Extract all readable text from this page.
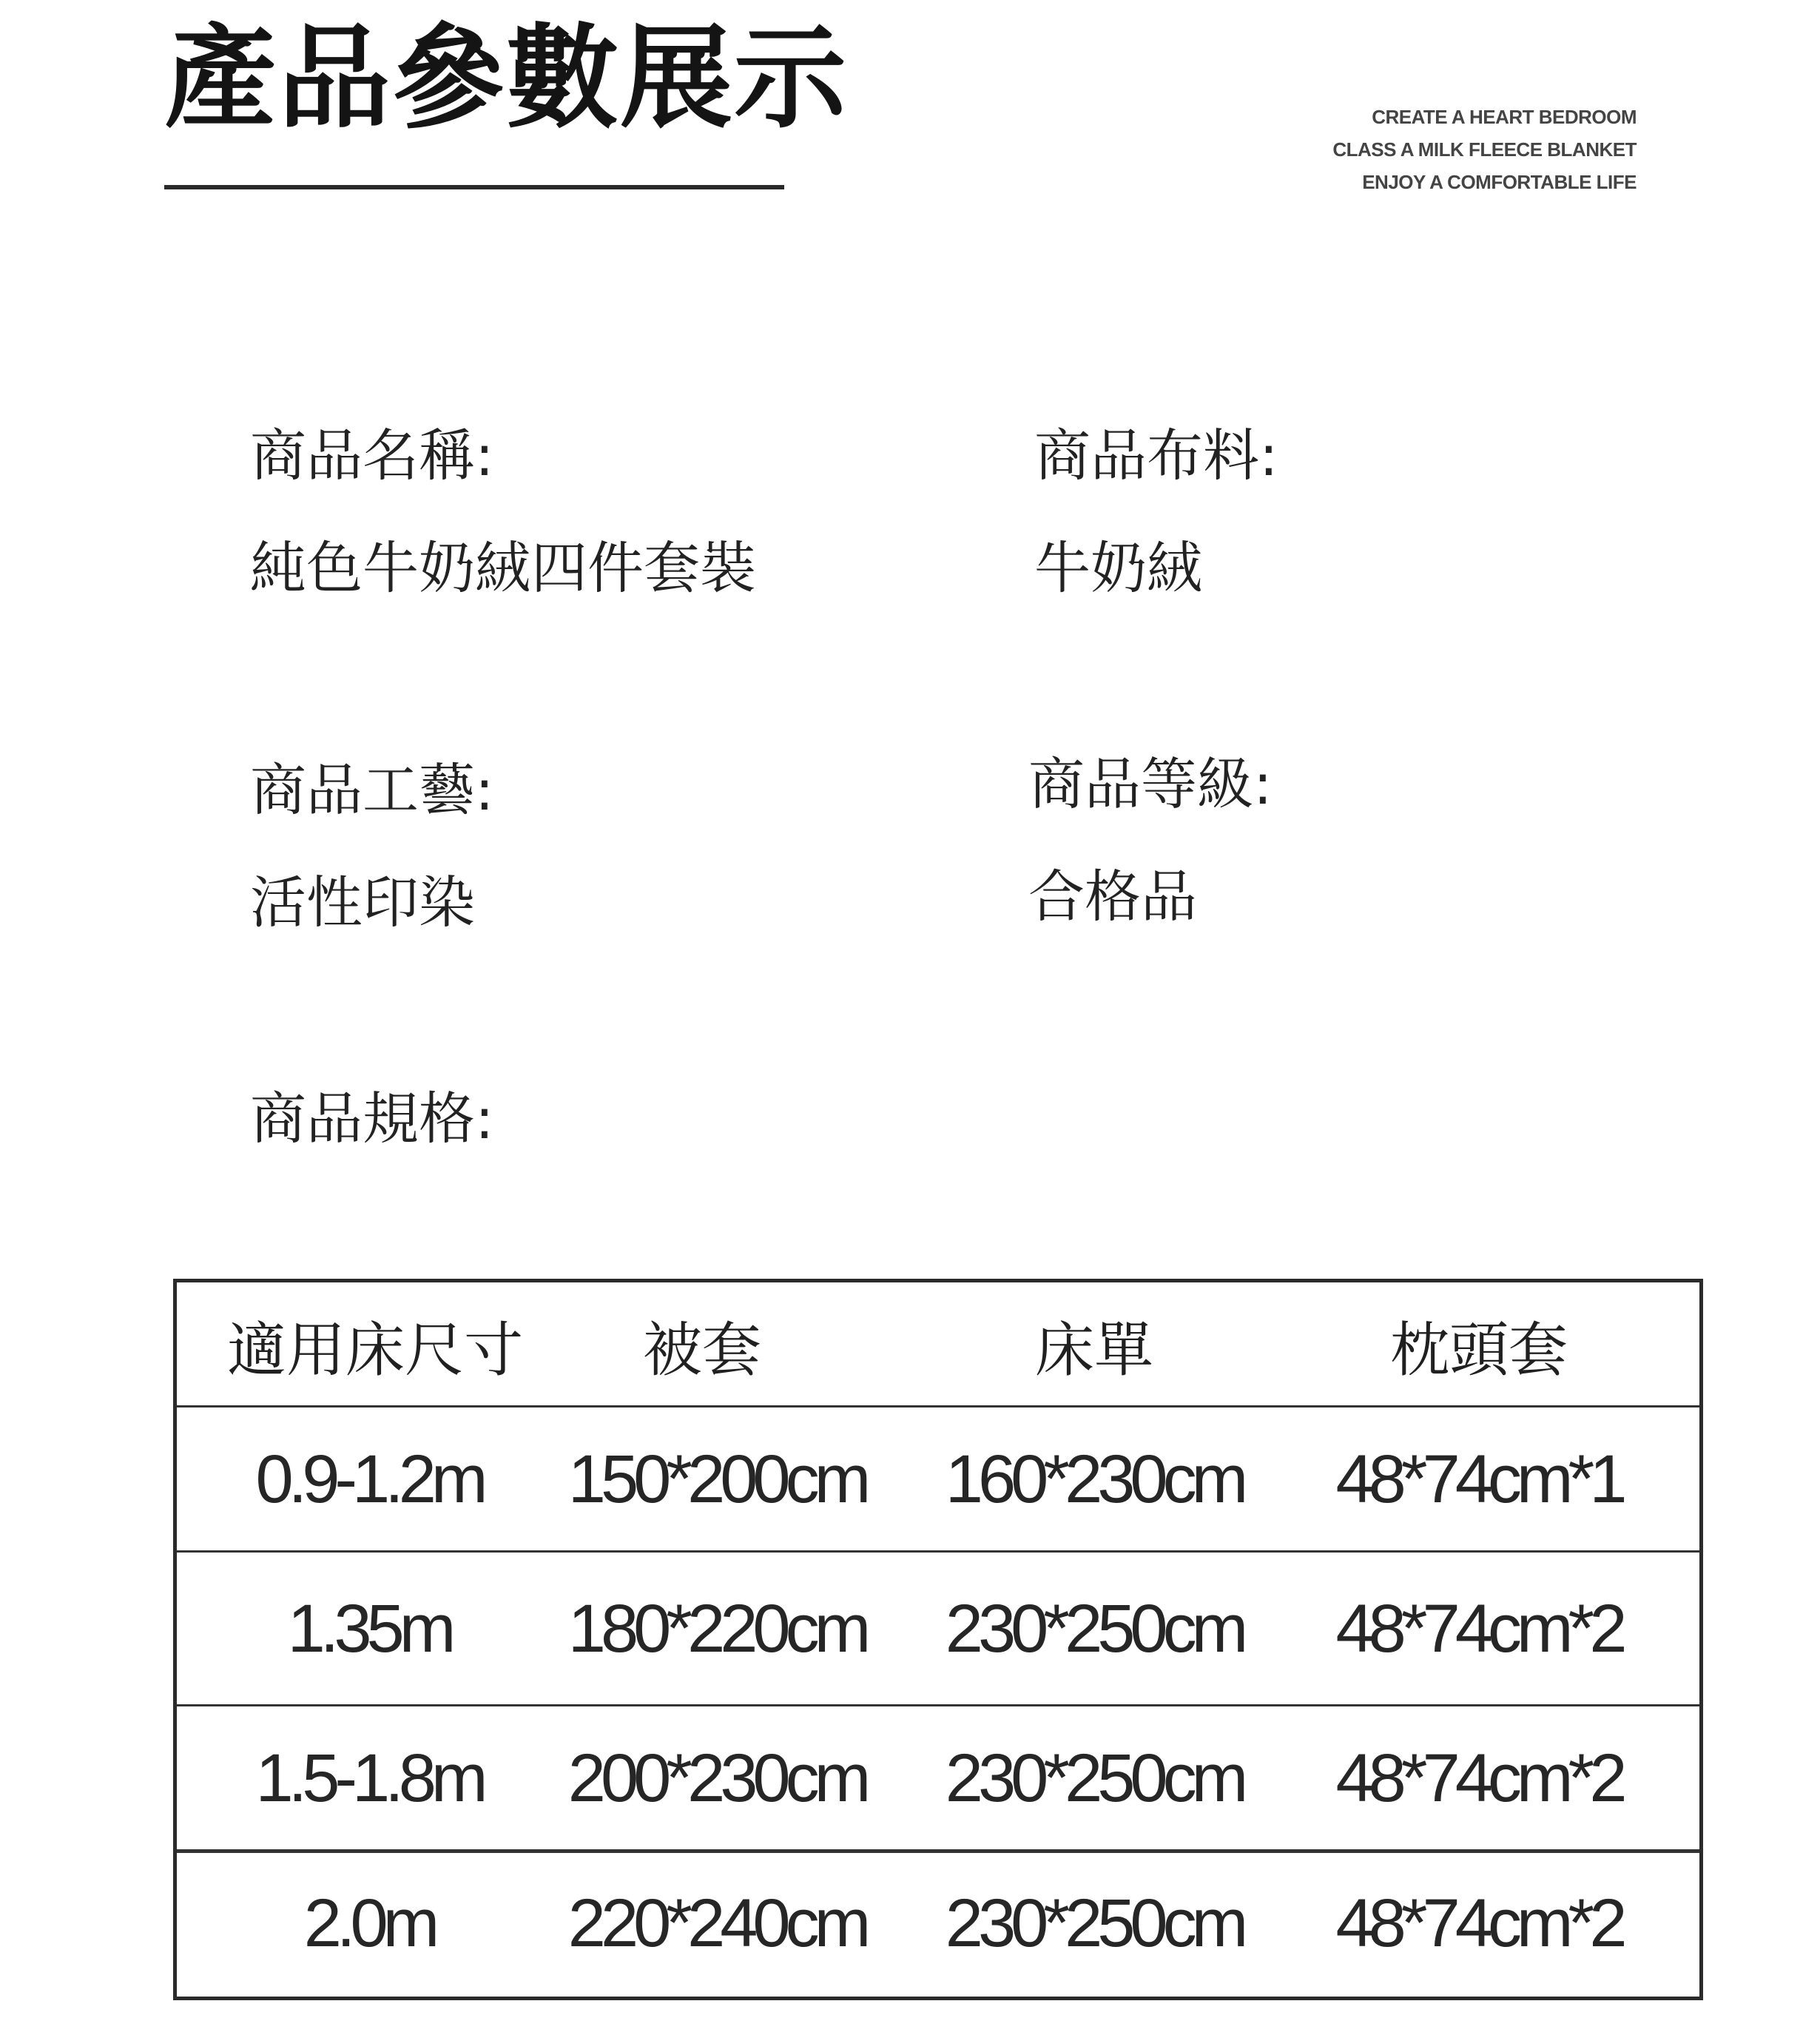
產品參數展示	CREATE A HEART BEDROOM
CLASS A MILK FLEECE BLANKET
ENJOY A COMFORTABLE LIFE
商品名稱:
純色牛奶絨四件套裝
商品布料:
牛奶絨
商品工藝:
活性印染
商品等級:
合格品
商品規格:
適用床尺寸	被套	床單	枕頭套
0.9-1.2m	150*200cm	160*230cm	48*74cm*1
1.35m	180*220cm	230*250cm	48*74cm*2
1.5-1.8m	200*230cm	230*250cm	48*74cm*2
2.0m	220*240cm	230*250cm	48*74cm*2
